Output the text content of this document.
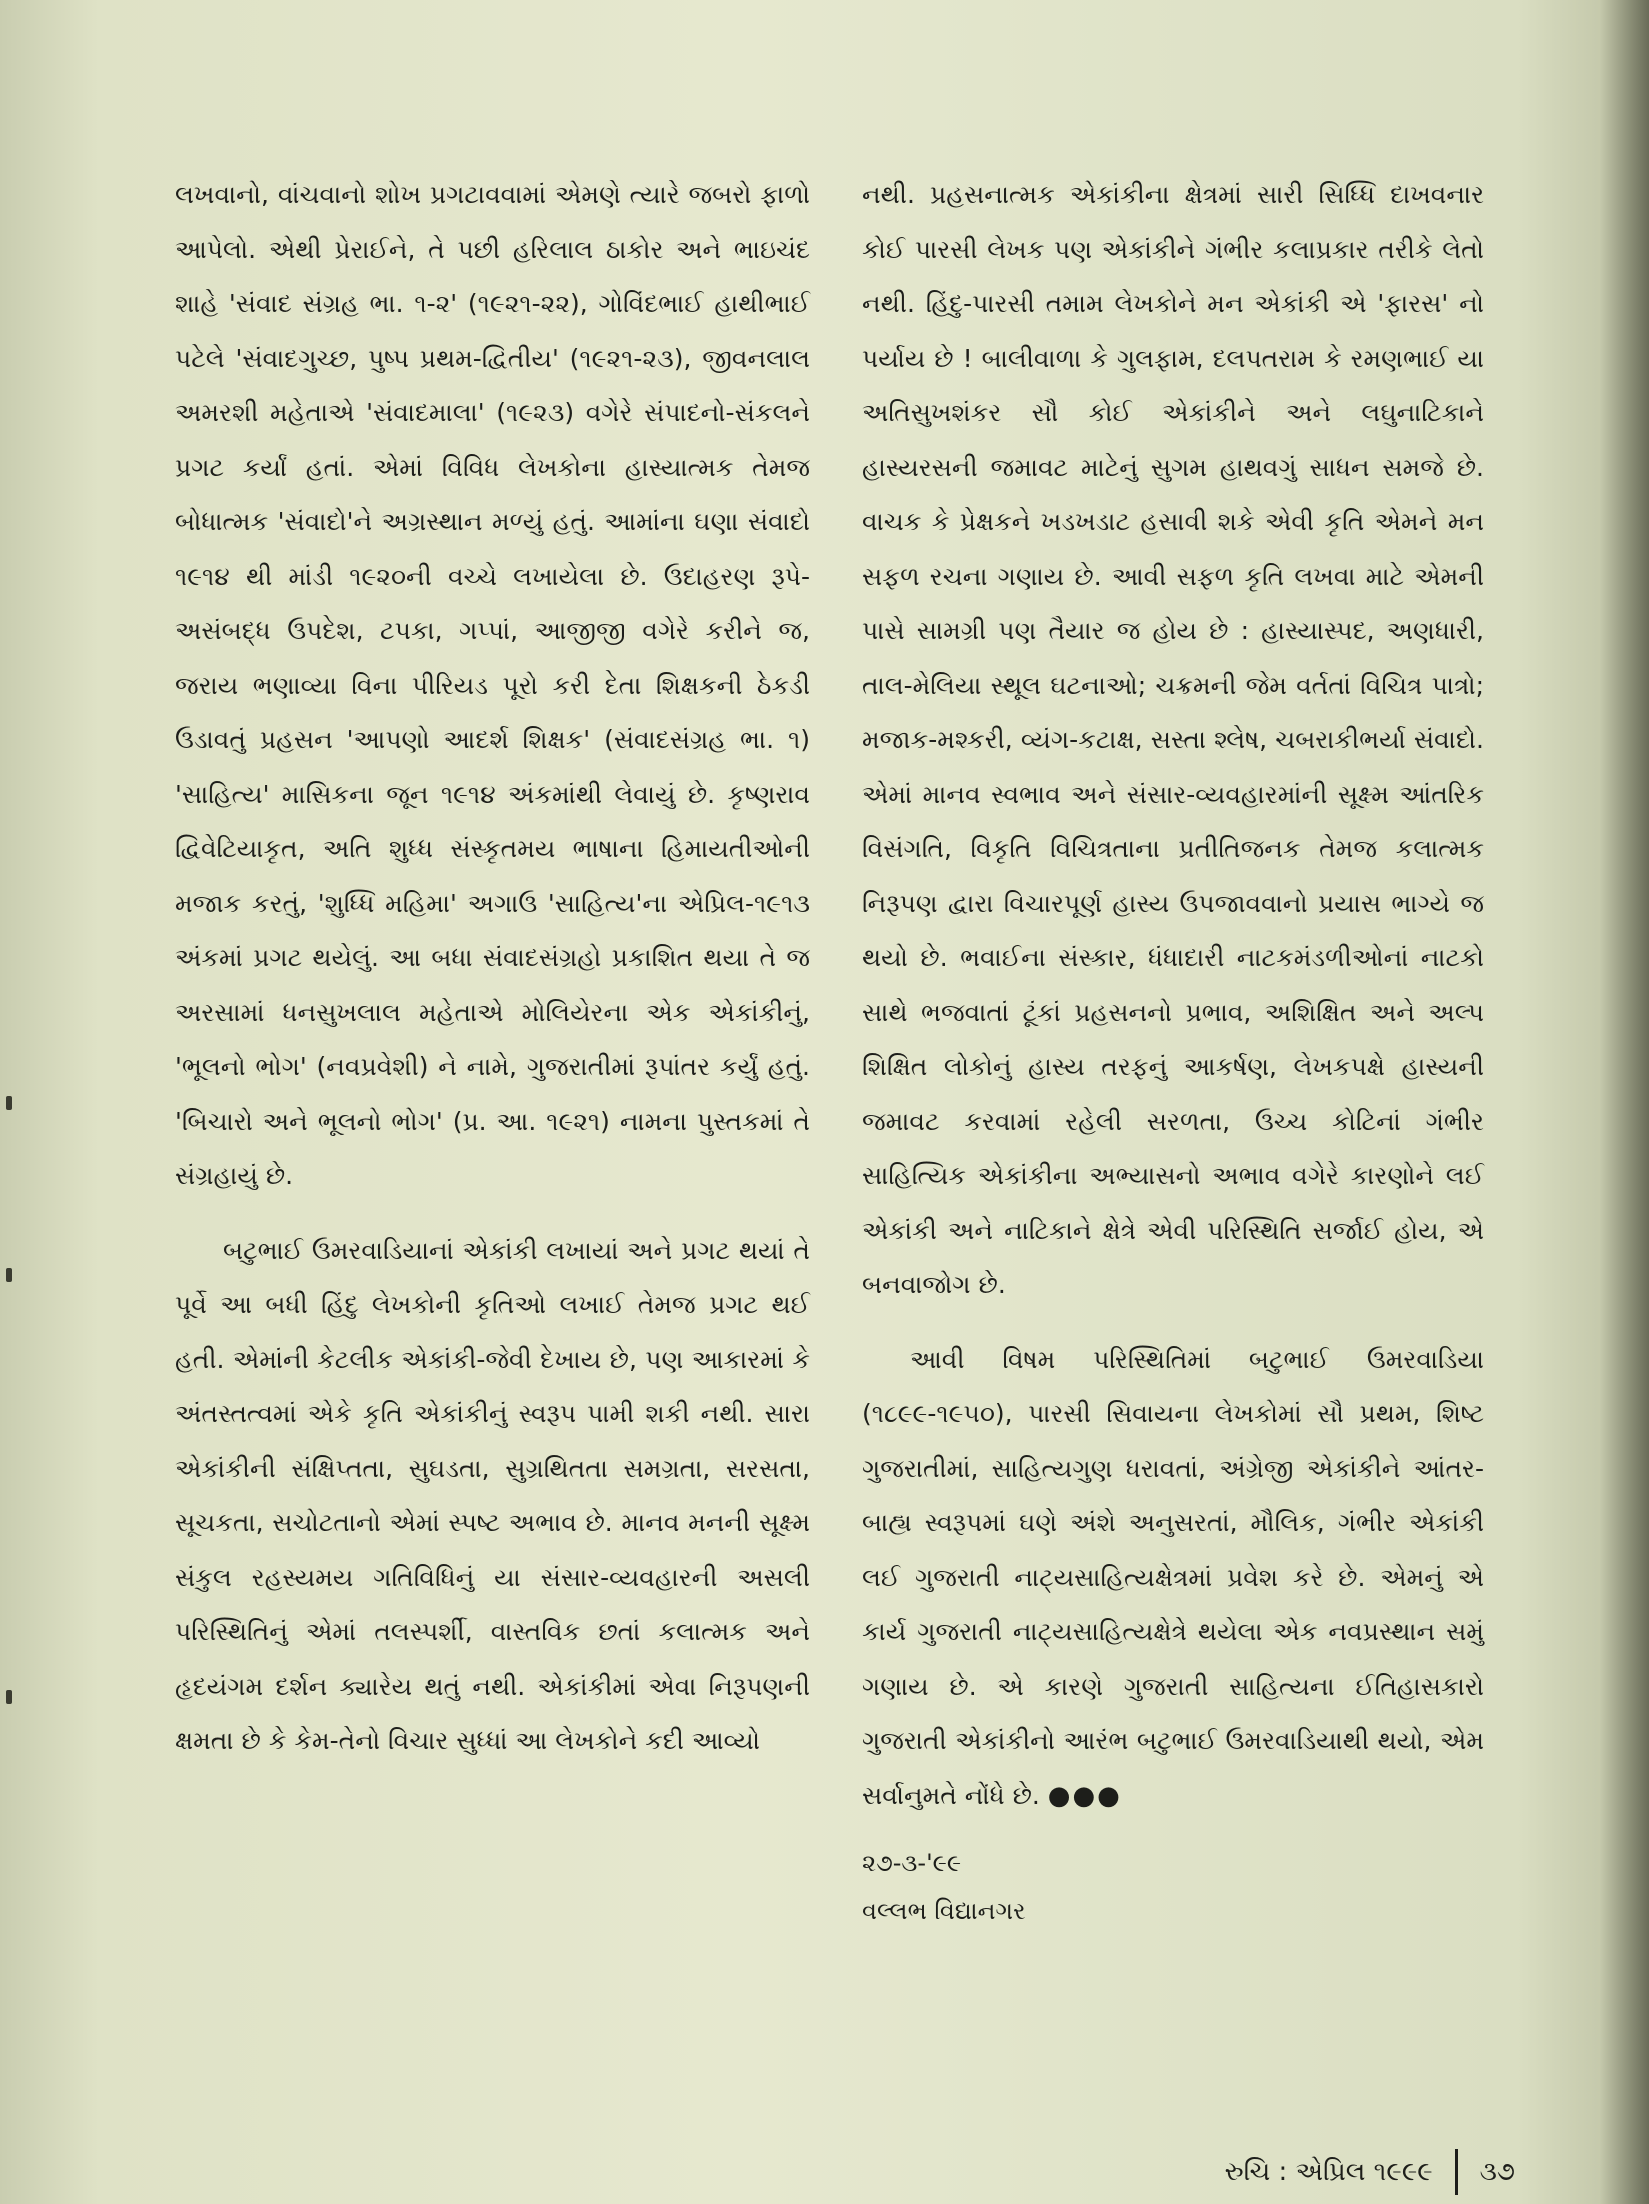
લખવાનો, વાંચવાનો શોખ પ્રગટાવવામાં એમણે ત્યારે જબરો ફાળો આપેલો. એથી પ્રેરાઈને, તે પછી હરિલાલ ઠાકોર અને ભાઇચંદ શાહે 'સંવાદ સંગ્રહ ભા. ૧-૨' (૧૯૨૧-૨૨), ગોવિંદભાઈ હાથીભાઈ પટેલે 'સંવાદગુચ્છ, પુષ્પ પ્રથમ-દ્વિતીય' (૧૯૨૧-૨૩), જીવનલાલ અમરશી મહેતાએ 'સંવાદમાલા' (૧૯૨૩) વગેરે સંપાદનો-સંકલને પ્રગટ કર્યાં હતાં. એમાં વિવિધ લેખકોના હાસ્યાત્મક તેમજ બોધાત્મક 'સંવાદો'ને અગ્રસ્થાન મળ્યું હતું. આમાંના ઘણા સંવાદો ૧૯૧૪ થી માંડી ૧૯૨૦ની વચ્ચે લખાયેલા છે. ઉદાહરણ રૂપે-અસંબદ્ધ ઉપદેશ, ટપકા, ગપ્પાં, આજીજી વગેરે કરીને જ, જરાય ભણાવ્યા વિના પીરિયડ પૂરો કરી દેતા શિક્ષકની ઠેકડી ઉડાવતું પ્રહસન 'આપણો આદર્શ શિક્ષક' (સંવાદસંગ્રહ ભા. ૧) 'સાહિત્ય' માસિકના જૂન ૧૯૧૪ અંકમાંથી લેવાયું છે. કૃષ્ણરાવ દ્વિવેટિયાકૃત, અતિ શુધ્ધ સંસ્કૃતમય ભાષાના હિમાયતીઓની મજાક કરતું, 'શુધ્ધિ મહિમા' અગાઉ 'સાહિત્ય'ના એપ્રિલ-૧૯૧૩ અંકમાં પ્રગટ થયેલું. આ બધા સંવાદસંગ્રહો પ્રકાશિત થયા તે જ અરસામાં ધનસુખલાલ મહેતાએ મોલિયેરના એક એકાંકીનું, 'ભૂલનો ભોગ' (નવપ્રવેશી) ને નામે, ગુજરાતીમાં રૂપાંતર કર્યું હતું. 'બિચારો અને ભૂલનો ભોગ' (પ્ર. આ. ૧૯૨૧) નામના પુસ્તકમાં તે સંગ્રહાયું છે.

બટુભાઈ ઉમરવાડિયાનાં એકાંકી લખાયાં અને પ્રગટ થયાં તે પૂર્વે આ બધી હિંદુ લેખકોની કૃતિઓ લખાઈ તેમજ પ્રગટ થઈ હતી. એમાંની કેટલીક એકાંકી-જેવી દેખાય છે, પણ આકારમાં કે અંતસ્તત્વમાં એકે કૃતિ એકાંકીનું સ્વરૂપ પામી શકી નથી. સારા એકાંકીની સંક્ષિપ્તતા, સુઘડતા, સુગ્રથિતતા સમગ્રતા, સરસતા, સૂચકતા, સચોટતાનો એમાં સ્પષ્ટ અભાવ છે. માનવ મનની સૂક્ષ્મ સંકુલ રહસ્યમય ગતિવિધિનું યા સંસાર-વ્યવહારની અસલી પરિસ્થિતિનું એમાં તલસ્પર્શી, વાસ્તવિક છતાં કલાત્મક અને હૃદયંગમ દર્શન ક્યારેય થતું નથી. એકાંકીમાં એવા નિરૂપણની ક્ષમતા છે કે કેમ-તેનો વિચાર સુધ્ધાં આ લેખકોને કદી આવ્યો

નથી. પ્રહસનાત્મક એકાંકીના ક્ષેત્રમાં સારી સિધ્ધિ દાખવનાર કોઈ પારસી લેખક પણ એકાંકીને ગંભીર કલાપ્રકાર તરીકે લેતો નથી. હિંદુ-પારસી તમામ લેખકોને મન એકાંકી એ 'ફારસ' નો પર્યાય છે ! બાલીવાળા કે ગુલફામ, દલપતરામ કે રમણભાઈ યા અતિસુખશંકર સૌ કોઈ એકાંકીને અને લઘુનાટિકાને હાસ્યરસની જમાવટ માટેનું સુગમ હાથવગું સાધન સમજે છે. વાચક કે પ્રેક્ષકને ખડખડાટ હસાવી શકે એવી કૃતિ એમને મન સફળ રચના ગણાય છે. આવી સફળ કૃતિ લખવા માટે એમની પાસે સામગ્રી પણ તૈયાર જ હોય છે : હાસ્યાસ્પદ, અણધારી, તાલ-મેલિયા સ્થૂલ ઘટનાઓ; ચક્રમની જેમ વર્તતાં વિચિત્ર પાત્રો; મજાક-મશ્કરી, વ્યંગ-કટાક્ષ, સસ્તા શ્લેષ, ચબરાકીભર્યા સંવાદો. એમાં માનવ સ્વભાવ અને સંસાર-વ્યવહારમાંની સૂક્ષ્મ આંતરિક વિસંગતિ, વિકૃતિ વિચિત્રતાના પ્રતીતિજનક તેમજ કલાત્મક નિરૂપણ દ્વારા વિચારપૂર્ણ હાસ્ય ઉપજાવવાનો પ્રયાસ ભાગ્યે જ થયો છે. ભવાઈના સંસ્કાર, ધંધાદારી નાટકમંડળીઓનાં નાટકો સાથે ભજવાતાં ટૂંકાં પ્રહસનનો પ્રભાવ, અશિક્ષિત અને અલ્પ શિક્ષિત લોકોનું હાસ્ય તરફનું આકર્ષણ, લેખકપક્ષે હાસ્યની જમાવટ કરવામાં રહેલી સરળતા, ઉચ્ચ કોટિનાં ગંભીર સાહિત્યિક એકાંકીના અભ્યાસનો અભાવ વગેરે કારણોને લઈ એકાંકી અને નાટિકાને ક્ષેત્રે એવી પરિસ્થિતિ સર્જાઈ હોય, એ બનવાજોગ છે.

આવી વિષમ પરિસ્થિતિમાં બટુભાઈ ઉમરવાડિયા (૧૮૯૯-૧૯૫૦), પારસી સિવાયના લેખકોમાં સૌ પ્રથમ, શિષ્ટ ગુજરાતીમાં, સાહિત્યગુણ ધરાવતાં, અંગ્રેજી એકાંકીને આંતર-બાહ્ય સ્વરૂપમાં ઘણે અંશે અનુસરતાં, મૌલિક, ગંભીર એકાંકી લઈ ગુજરાતી નાટ્યસાહિત્યક્ષેત્રમાં પ્રવેશ કરે છે. એમનું એ કાર્ય ગુજરાતી નાટ્યસાહિત્યક્ષેત્રે થયેલા એક નવપ્રસ્થાન સમું ગણાય છે. એ કારણે ગુજરાતી સાહિત્યના ઈતિહાસકારો ગુજરાતી એકાંકીનો આરંભ બટુભાઈ ઉમરવાડિયાથી થયો, એમ સર્વાનુમતે નોંધે છે. ●●●

૨૭-૩-'૯૯
વલ્લભ વિદ્યાનગર

રુચિ : એપ્રિલ ૧૯૯૯ ૩૭
